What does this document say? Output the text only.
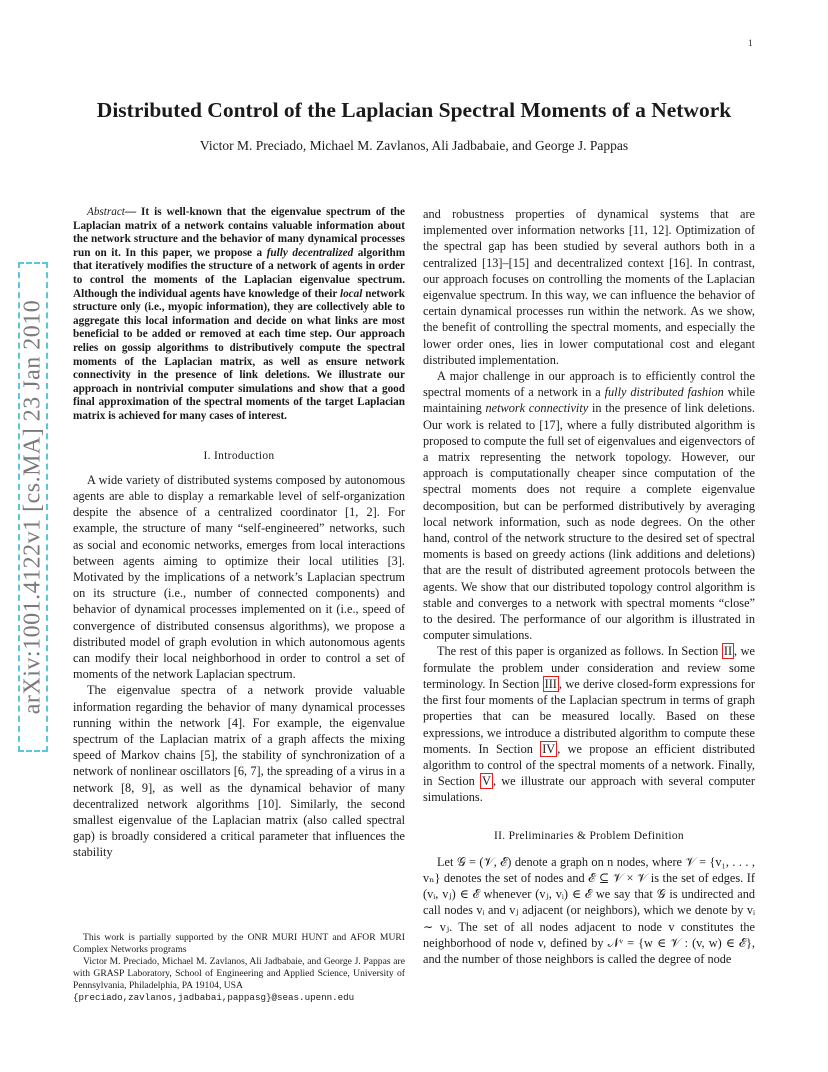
1
arXiv:1001.4122v1 [cs.MA] 23 Jan 2010
Distributed Control of the Laplacian Spectral Moments of a Network
Victor M. Preciado, Michael M. Zavlanos, Ali Jadbabaie, and George J. Pappas

Abstract— It is well-known that the eigenvalue spectrum of the Laplacian matrix of a network contains valuable information about the network structure and the behavior of many dynamical processes run on it. In this paper, we propose a fully decentralized algorithm that iteratively modifies the structure of a network of agents in order to control the moments of the Laplacian eigenvalue spectrum. Although the individual agents have knowledge of their local network structure only (i.e., myopic information), they are collectively able to aggregate this local information and decide on what links are most beneficial to be added or removed at each time step. Our approach relies on gossip algorithms to distributively compute the spectral moments of the Laplacian matrix, as well as ensure network connectivity in the presence of link deletions. We illustrate our approach in nontrivial computer simulations and show that a good final approximation of the spectral moments of the target Laplacian matrix is achieved for many cases of interest.

I. Introduction

A wide variety of distributed systems composed by autonomous agents are able to display a remarkable level of self-organization despite the absence of a centralized coordinator [1, 2]. For example, the structure of many “self-engineered” networks, such as social and economic networks, emerges from local interactions between agents aiming to optimize their local utilities [3]. Motivated by the implications of a network’s Laplacian spectrum on its structure (i.e., number of connected components) and behavior of dynamical processes implemented on it (i.e., speed of convergence of distributed consensus algorithms), we propose a distributed model of graph evolution in which autonomous agents can modify their local neighborhood in order to control a set of moments of the network Laplacian spectrum.

The eigenvalue spectra of a network provide valuable information regarding the behavior of many dynamical processes running within the network [4]. For example, the eigenvalue spectrum of the Laplacian matrix of a graph affects the mixing speed of Markov chains [5], the stability of synchronization of a network of nonlinear oscillators [6, 7], the spreading of a virus in a network [8, 9], as well as the dynamical behavior of many decentralized network algorithms [10]. Similarly, the second smallest eigenvalue of the Laplacian matrix (also called spectral gap) is broadly considered a critical parameter that influences the stability

This work is partially supported by the ONR MURI HUNT and AFOR MURI Complex Networks programs

Victor M. Preciado, Michael M. Zavlanos, Ali Jadbabaie, and George J. Pappas are with GRASP Laboratory, School of Engineering and Applied Science, University of Pennsylvania, Philadelphia, PA 19104, USA

{preciado,zavlanos,jadbabai,pappasg}@seas.upenn.edu

and robustness properties of dynamical systems that are implemented over information networks [11, 12]. Optimization of the spectral gap has been studied by several authors both in a centralized [13]–[15] and decentralized context [16]. In contrast, our approach focuses on controlling the moments of the Laplacian eigenvalue spectrum. In this way, we can influence the behavior of certain dynamical processes run within the network. As we show, the benefit of controlling the spectral moments, and especially the lower order ones, lies in lower computational cost and elegant distributed implementation.

A major challenge in our approach is to efficiently control the spectral moments of a network in a fully distributed fashion while maintaining network connectivity in the presence of link deletions. Our work is related to [17], where a fully distributed algorithm is proposed to compute the full set of eigenvalues and eigenvectors of a matrix representing the network topology. However, our approach is computationally cheaper since computation of the spectral moments does not require a complete eigenvalue decomposition, but can be performed distributively by averaging local network information, such as node degrees. On the other hand, control of the network structure to the desired set of spectral moments is based on greedy actions (link additions and deletions) that are the result of distributed agreement protocols between the agents. We show that our distributed topology control algorithm is stable and converges to a network with spectral moments “close” to the desired. The performance of our algorithm is illustrated in computer simulations.

The rest of this paper is organized as follows. In Section II , we formulate the problem under consideration and review some terminology. In Section III , we derive closed-form expressions for the first four moments of the Laplacian spectrum in terms of graph properties that can be measured locally. Based on these expressions, we introduce a distributed algorithm to compute these moments. In Section IV , we propose an efficient distributed algorithm to control of the spectral moments of a network. Finally, in Section V , we illustrate our approach with several computer simulations.

II. Preliminaries & Problem Definition

Let 𝒢 = (𝒱, ℰ) denote a graph on n nodes, where 𝒱 = {v₁, . . . , vₙ} denotes the set of nodes and ℰ ⊆ 𝒱 × 𝒱 is the set of edges. If (vᵢ, vⱼ) ∈ ℰ whenever (vⱼ, vᵢ) ∈ ℰ we say that 𝒢 is undirected and call nodes vᵢ and vⱼ adjacent (or neighbors), which we denote by vᵢ ∼ vⱼ. The set of all nodes adjacent to node v constitutes the neighborhood of node v, defined by 𝒩ᵛ = {w ∈ 𝒱 : (v, w) ∈ ℰ}, and the number of those neighbors is called the degree of node
